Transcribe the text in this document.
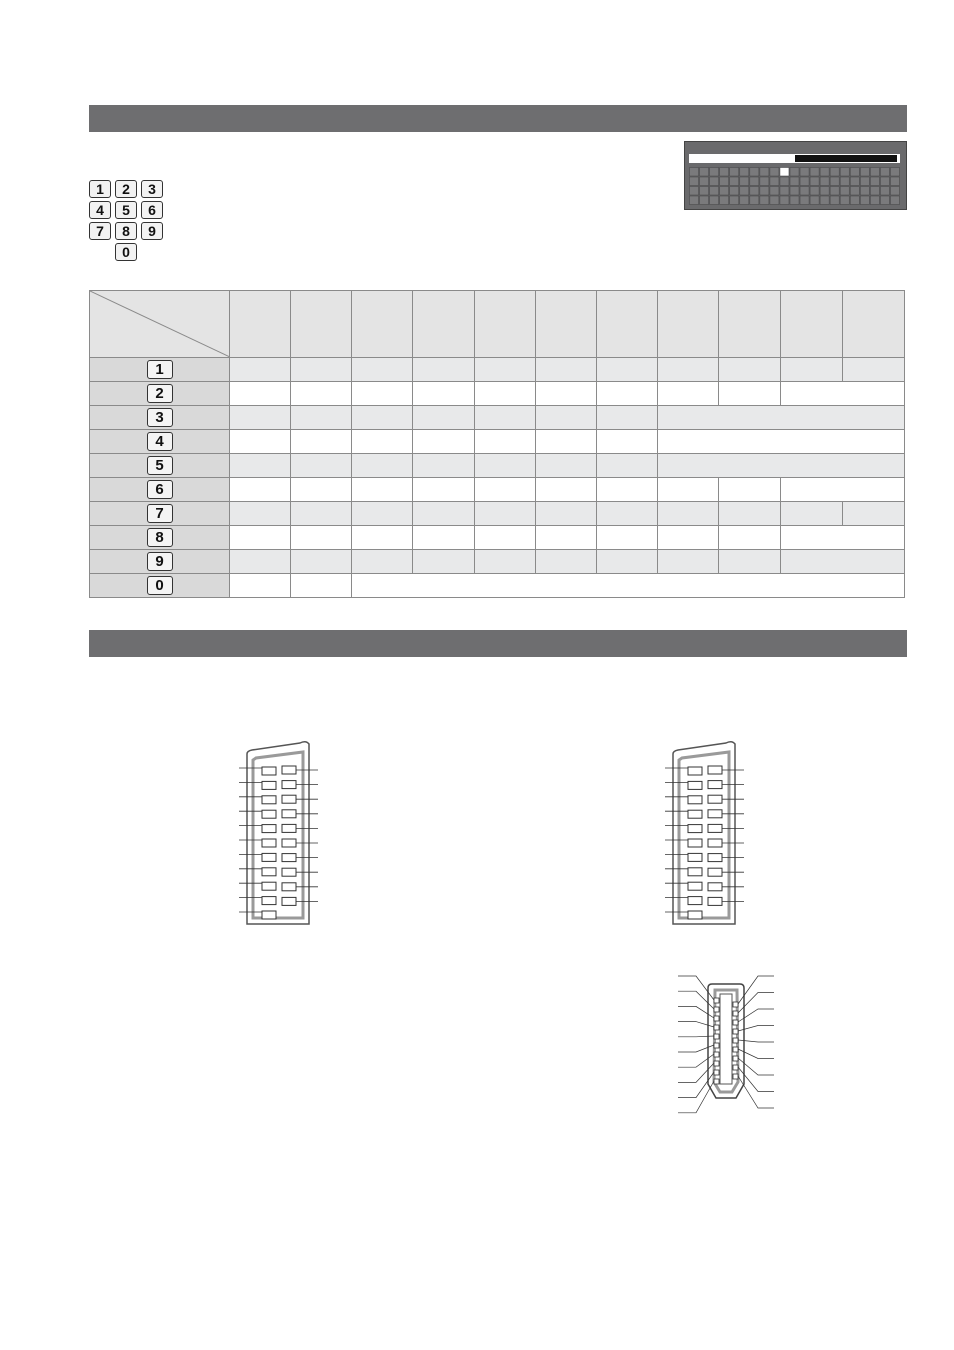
1	2	3
4	5	6
7	8	9
0

1											
2											
3											
4											
5											
6											
7											
8											
9											
0											
